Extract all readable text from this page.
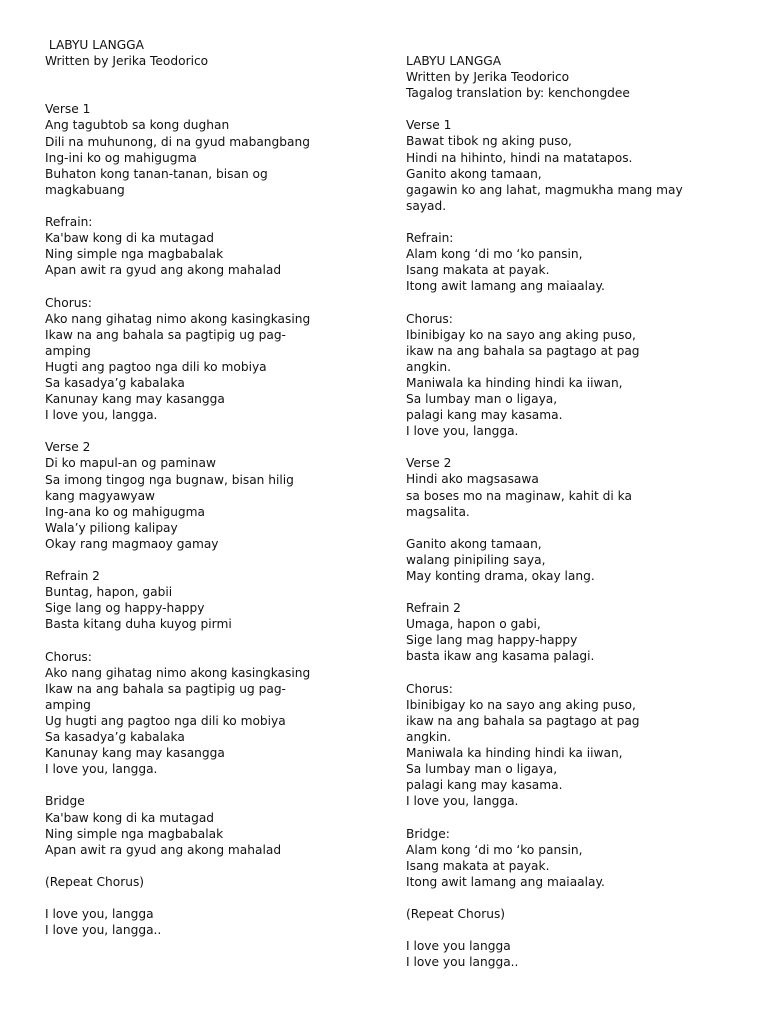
LABYU LANGGA
Written by Jerika Teodorico
Verse 1
Ang tagubtob sa kong dughan
Dili na muhunong, di na gyud mabangbang
Ing-ini ko og mahigugma
Buhaton kong tanan-tanan, bisan og
magkabuang
Refrain:
Ka'baw kong di ka mutagad
Ning simple nga magbabalak
Apan awit ra gyud ang akong mahalad
Chorus:
Ako nang gihatag nimo akong kasingkasing
Ikaw na ang bahala sa pagtipig ug pag-
amping
Hugti ang pagtoo nga dili ko mobiya
Sa kasadya’g kabalaka
Kanunay kang may kasangga
I love you, langga.
Verse 2
Di ko mapul-an og paminaw
Sa imong tingog nga bugnaw, bisan hilig
kang magyawyaw
Ing-ana ko og mahigugma
Wala’y piliong kalipay
Okay rang magmaoy gamay
Refrain 2
Buntag, hapon, gabii
Sige lang og happy-happy
Basta kitang duha kuyog pirmi
Chorus:
Ako nang gihatag nimo akong kasingkasing
Ikaw na ang bahala sa pagtipig ug pag-
amping
Ug hugti ang pagtoo nga dili ko mobiya
Sa kasadya’g kabalaka
Kanunay kang may kasangga
I love you, langga.
Bridge
Ka'baw kong di ka mutagad
Ning simple nga magbabalak
Apan awit ra gyud ang akong mahalad
(Repeat Chorus)
I love you, langga
I love you, langga..
LABYU LANGGA
Written by Jerika Teodorico
Tagalog translation by: kenchongdee
Verse 1
Bawat tibok ng aking puso,
Hindi na hihinto, hindi na matatapos.
Ganito akong tamaan,
gagawin ko ang lahat, magmukha mang may
sayad.
Refrain:
Alam kong ‘di mo ‘ko pansin,
Isang makata at payak.
Itong awit lamang ang maiaalay.
Chorus:
Ibinibigay ko na sayo ang aking puso,
ikaw na ang bahala sa pagtago at pag
angkin.
Maniwala ka hinding hindi ka iiwan,
Sa lumbay man o ligaya,
palagi kang may kasama.
I love you, langga.
Verse 2
Hindi ako magsasawa
sa boses mo na maginaw, kahit di ka
magsalita.
Ganito akong tamaan,
walang pinipiling saya,
May konting drama, okay lang.
Refrain 2
Umaga, hapon o gabi,
Sige lang mag happy-happy
basta ikaw ang kasama palagi.
Chorus:
Ibinibigay ko na sayo ang aking puso,
ikaw na ang bahala sa pagtago at pag
angkin.
Maniwala ka hinding hindi ka iiwan,
Sa lumbay man o ligaya,
palagi kang may kasama.
I love you, langga.
Bridge:
Alam kong ‘di mo ‘ko pansin,
Isang makata at payak.
Itong awit lamang ang maiaalay.
(Repeat Chorus)
I love you langga
I love you langga..
